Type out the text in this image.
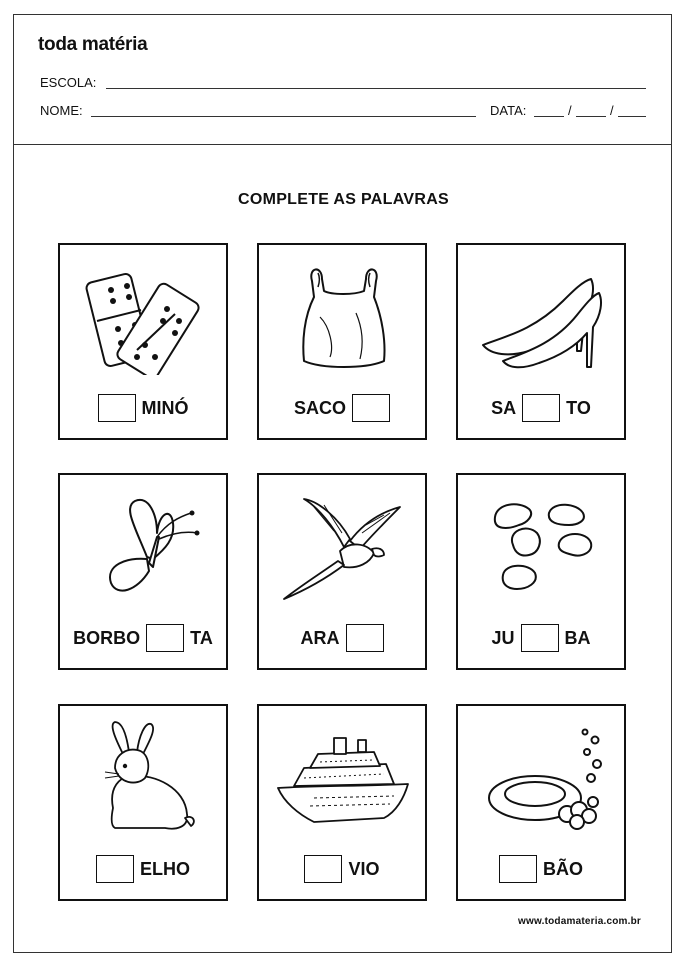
toda matéria
ESCOLA:
NOME:	DATA:	/	/
COMPLETE AS PALAVRAS
MINÓ	SACO	SA	TO
BORBO	TA	ARA	JU	BA
ELHO	VIO	BÃO
www.todamateria.com.br
